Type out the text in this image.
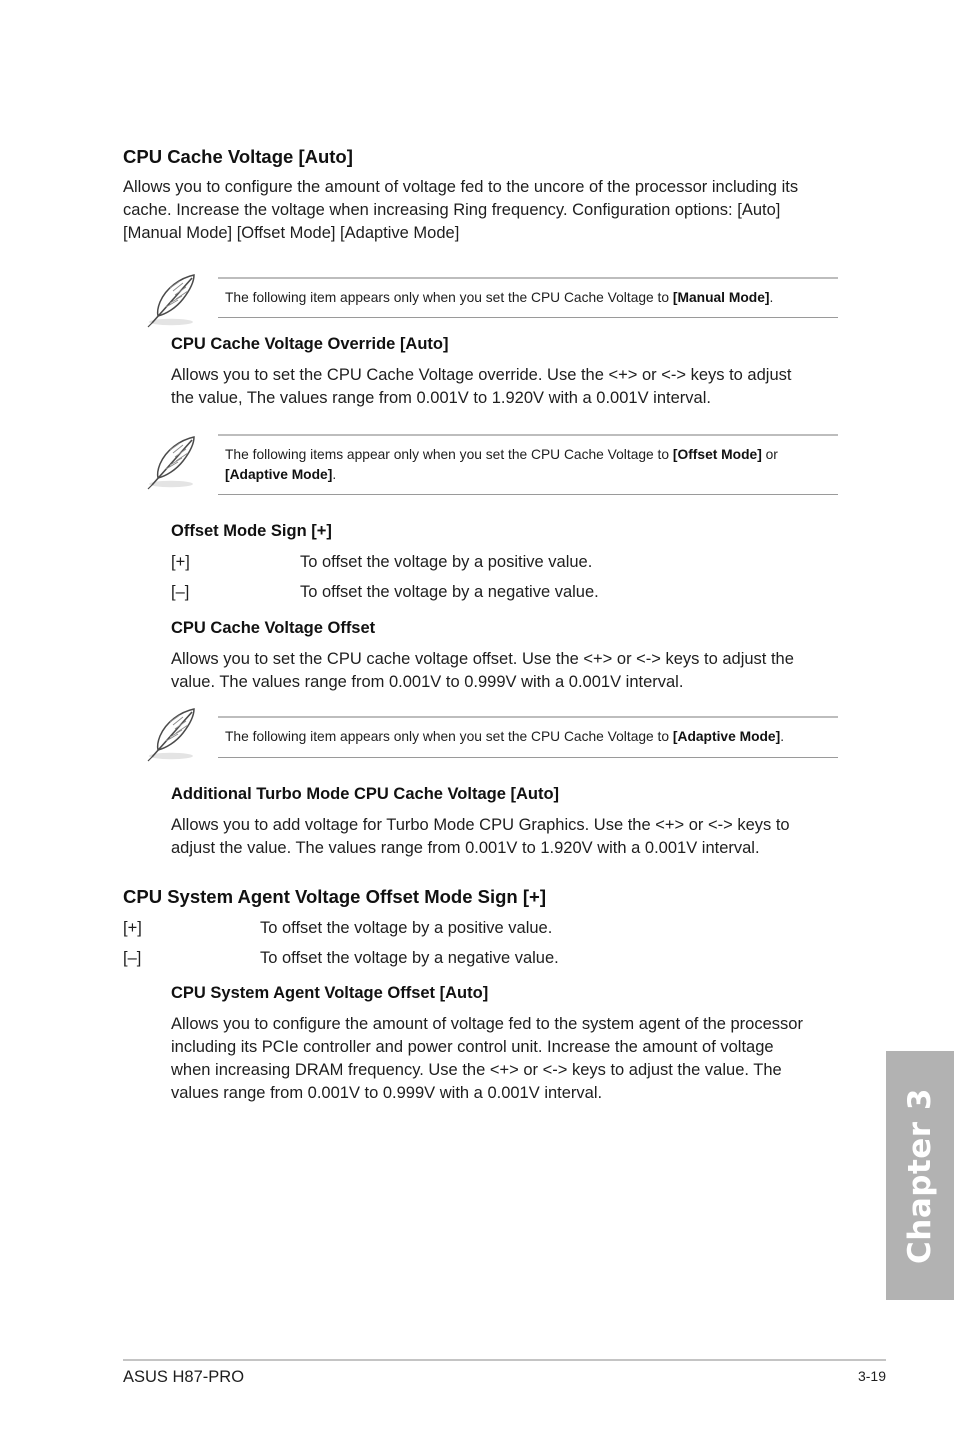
CPU Cache Voltage [Auto]
Allows you to configure the amount of voltage fed to the uncore of the processor including its
cache. Increase the voltage when increasing Ring frequency. Configuration options: [Auto]
[Manual Mode] [Offset Mode] [Adaptive Mode]
The following item appears only when you set the CPU Cache Voltage to [Manual Mode].
CPU Cache Voltage Override [Auto]
Allows you to set the CPU Cache Voltage override. Use the <+> or <-> keys to adjust
the value, The values range from 0.001V to 1.920V with a 0.001V interval.
The following items appear only when you set the CPU Cache Voltage to [Offset Mode] or
[Adaptive Mode].
Offset Mode Sign [+]
[+]	To offset the voltage by a positive value.
[–]	To offset the voltage by a negative value.
CPU Cache Voltage Offset
Allows you to set the CPU cache voltage offset. Use the <+> or <-> keys to adjust the
value. The values range from 0.001V to 0.999V with a 0.001V interval.
The following item appears only when you set the CPU Cache Voltage to [Adaptive Mode].
Additional Turbo Mode CPU Cache Voltage [Auto]
Allows you to add voltage for Turbo Mode CPU Graphics. Use the <+> or <-> keys to
adjust the value. The values range from 0.001V to 1.920V with a 0.001V interval.
CPU System Agent Voltage Offset Mode Sign [+]
[+]	To offset the voltage by a positive value.
[–]	To offset the voltage by a negative value.
CPU System Agent Voltage Offset [Auto]
Allows you to configure the amount of voltage fed to the system agent of the processor
including its PCIe controller and power control unit. Increase the amount of voltage
when increasing DRAM frequency. Use the <+> or <-> keys to adjust the value. The
values range from 0.001V to 0.999V with a 0.001V interval.	Chapter 3
ASUS H87-PRO	3-19
